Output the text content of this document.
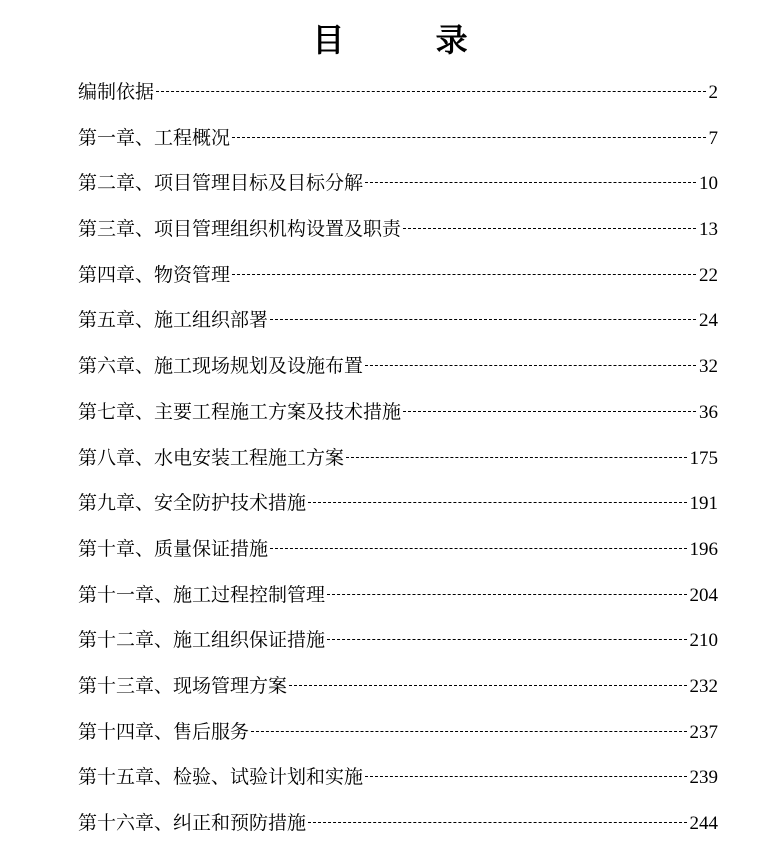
目 录
编制依据	2
第一章、工程概况	7
第二章、项目管理目标及目标分解	10
第三章、项目管理组织机构设置及职责	13
第四章、物资管理	22
第五章、施工组织部署	24
第六章、施工现场规划及设施布置	32
第七章、主要工程施工方案及技术措施	36
第八章、水电安装工程施工方案	175
第九章、安全防护技术措施	191
第十章、质量保证措施	196
第十一章、施工过程控制管理	204
第十二章、施工组织保证措施	210
第十三章、现场管理方案	232
第十四章、售后服务	237
第十五章、检验、试验计划和实施	239
第十六章、纠正和预防措施	244
